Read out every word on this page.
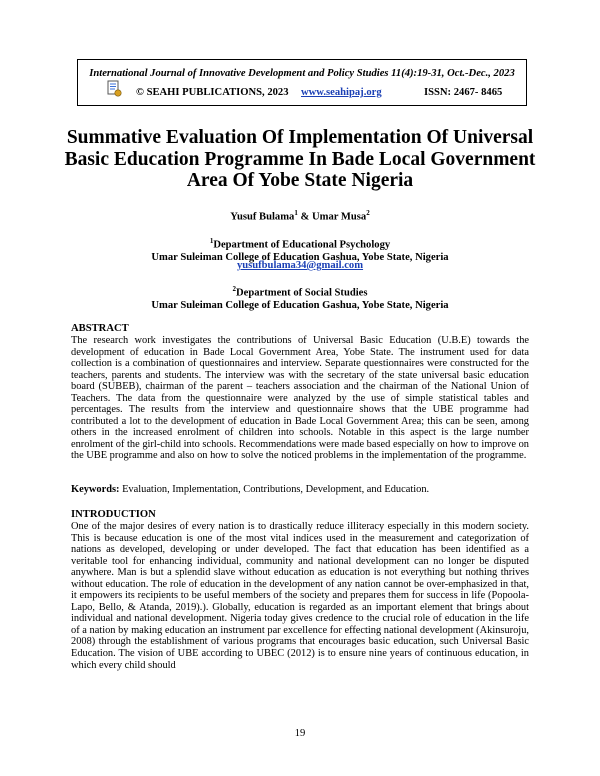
International Journal of Innovative Development and Policy Studies 11(4):19-31, Oct.-Dec., 2023
© SEAHI PUBLICATIONS, 2023 www.seahipaj.org	ISSN: 2467- 8465
Summative Evaluation Of Implementation Of Universal Basic Education Programme In Bade Local Government Area Of Yobe State Nigeria
Yusuf Bulama$^1$ & Umar Musa$^2$
$^1$Department of Educational Psychology
Umar Suleiman College of Education Gashua, Yobe State, Nigeria
yusufbulama34@gmail.com
$^2$Department of Social Studies
Umar Suleiman College of Education Gashua, Yobe State, Nigeria
ABSTRACT
The research work investigates the contributions of Universal Basic Education (U.B.E) towards the development of education in Bade Local Government Area, Yobe State. The instrument used for data collection is a combination of questionnaires and interview. Separate questionnaires were constructed for the teachers, parents and students. The interview was with the secretary of the state universal basic education board (SUBEB), chairman of the parent – teachers association and the chairman of the National Union of Teachers. The data from the questionnaire were analyzed by the use of simple statistical tables and percentages. The results from the interview and questionnaire shows that the UBE programme had contributed a lot to the development of education in Bade Local Government Area; this can be seen, among others in the increased enrolment of children into schools. Notable in this aspect is the large number enrolment of the girl-child into schools. Recommendations were made based especially on how to improve on the UBE programme and also on how to solve the noticed problems in the implementation of the programme.
Keywords: Evaluation, Implementation, Contributions, Development, and Education.
INTRODUCTION
One of the major desires of every nation is to drastically reduce illiteracy especially in this modern society. This is because education is one of the most vital indices used in the measurement and categorization of nations as developed, developing or under developed. The fact that education has been identified as a veritable tool for enhancing individual, community and national development can no longer be disputed anywhere. Man is but a splendid slave without education as education is not everything but nothing thrives without education. The role of education in the development of any nation cannot be over-emphasized in that, it empowers its recipients to be useful members of the society and prepares them for success in life (Popoola-Lapo, Bello, & Atanda, 2019).). Globally, education is regarded as an important element that brings about individual and national development. Nigeria today gives credence to the crucial role of education in the life of a nation by making education an instrument par excellence for effecting national development (Akinsuroju, 2008) through the establishment of various programs that encourages basic education, such Universal Basic Education. The vision of UBE according to UBEC (2012) is to ensure nine years of continuous education, in which every child should
19
